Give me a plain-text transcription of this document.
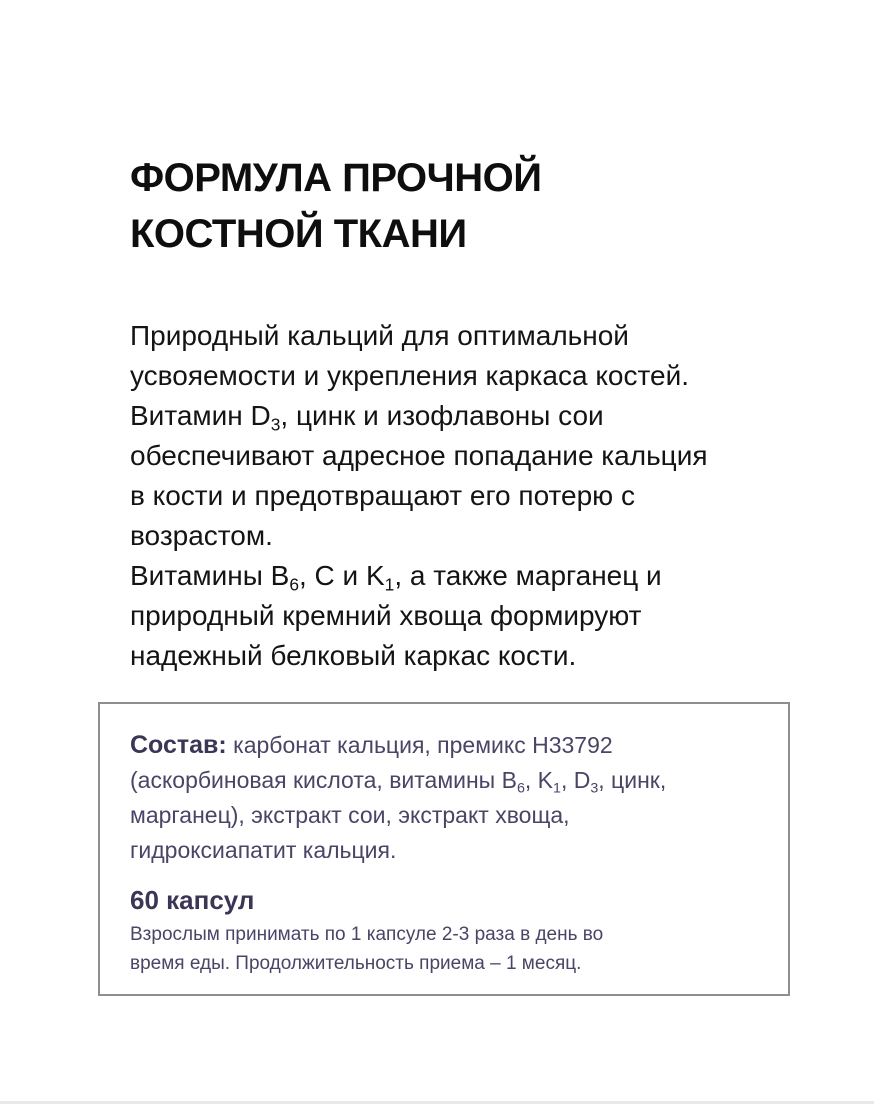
ФОРМУЛА ПРОЧНОЙ
КОСТНОЙ ТКАНИ
Природный кальций для оптимальной
усвояемости и укрепления каркаса костей.
Витамин $D_3$, цинк и изофлавоны сои
обеспечивают адресное попадание кальция
в кости и предотвращают его потерю с
возрастом.
Витамины $B_6$, C и $K_1$, а также марганец и
природный кремний хвоща формируют
надежный белковый каркас кости.
Состав: карбонат кальция, премикс Н33792
(аскорбиновая кислота, витамины $B_6$, $K_1$, $D_3$, цинк,
марганец), экстракт сои, экстракт хвоща,
гидроксиапатит кальция.
60 капсул
Взрослым принимать по 1 капсуле 2-3 раза в день во
время еды. Продолжительность приема – 1 месяц.
